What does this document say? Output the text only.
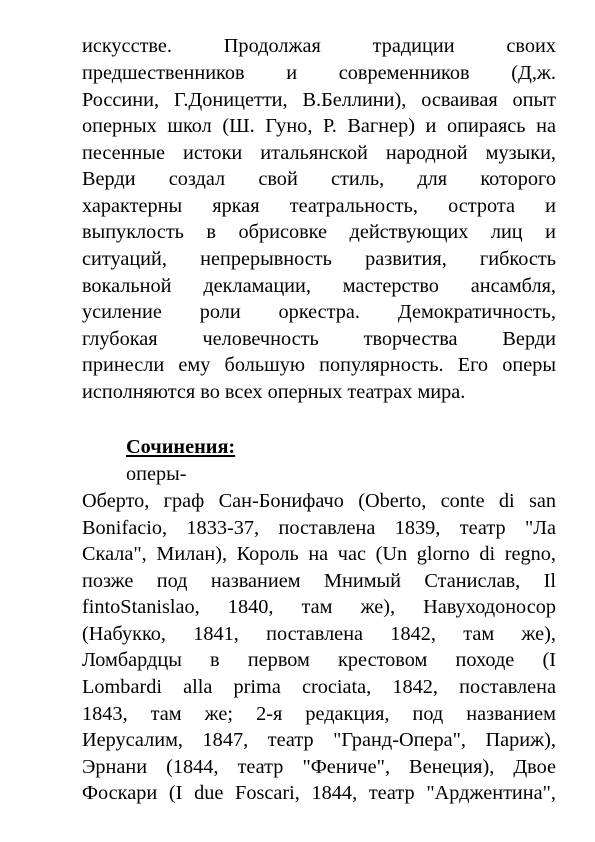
искусстве. Продолжая традиции своих
предшественников и современников (Д,ж.
Россини, Г.Доницетти, В.Беллини), осваивая опыт
оперных школ (Ш. Гуно, Р. Вагнер) и опираясь на
песенные истоки итальянской народной музыки,
Верди создал свой стиль, для которого
характерны яркая театральность, острота и
выпуклость в обрисовке действующих лиц и
ситуаций, непрерывность развития, гибкость
вокальной декламации, мастерство ансамбля,
усиление роли оркестра. Демократичность,
глубокая человечность творчества Верди
принесли ему большую популярность. Его оперы
исполняются во всех оперных театрах мира.
Сочинения:
оперы-
Оберто, граф Сан-Бонифачо (Oberto, conte di san
Bonifacio, 1833-37, поставлена 1839, театр "Ла
Скала", Милан), Король на час (Un glorno di regno,
позже под названием Мнимый Станислав, Il
fintoStanislao, 1840, там же), Навуходоносор
(Набукко, 1841, поставлена 1842, там же),
Ломбардцы в первом крестовом походе (I
Lombardi alla prima crociata, 1842, поставлена
1843, там же; 2-я редакция, под названием
Иерусалим, 1847, театр "Гранд-Опера", Париж),
Эрнани (1844, театр "Фениче", Венеция), Двое
Фоскари (I due Foscari, 1844, театр "Арджентина",
